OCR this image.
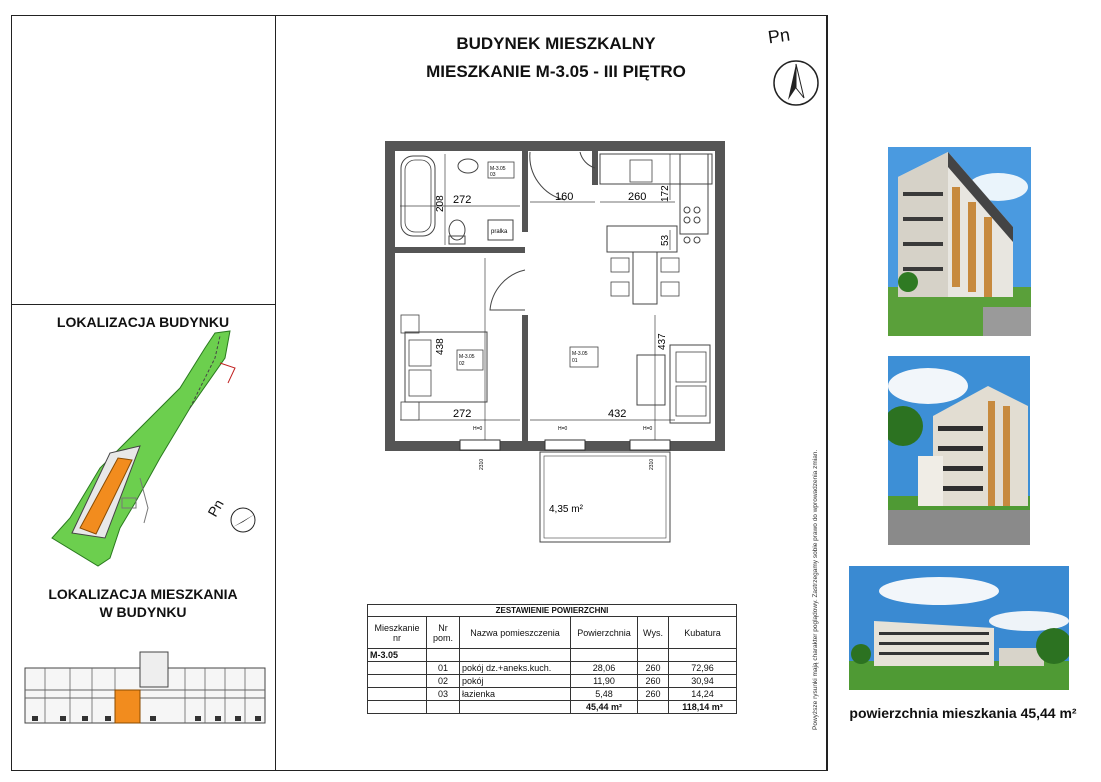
BUDYNEK MIESZKALNY
MIESZKANIE M-3.05 - III PIĘTRO
Pn
LOKALIZACJA BUDYNKU
LOKALIZACJA MIESZKANIA
W BUDYNKU
Pn
pralka
M-3.05
03
M-3.05
02
M-3.05
01
272
208	160	260 172
53
438
272	432
437
H=0	H=0	H=0
2310	2310
4,35 m²
ZESTAWIENIE POWIERZCHNI					
Mieszkanie nr	Nr pom.	Nazwa pomieszczenia	Powierzchnia	Wys.	Kubatura
M-3.05					
	01	pokój dz.+aneks.kuch.	28,06	260	72,96
	02	pokój	11,90	260	30,94
	03	łazienka	5,48	260	14,24
			45,44 m²		118,14 m³	Powyższe rysunki mają charakter poglądowy. Zastrzegamy sobie prawo do wprowadzenia zmian.	powierzchnia mieszkania 45,44 m²
